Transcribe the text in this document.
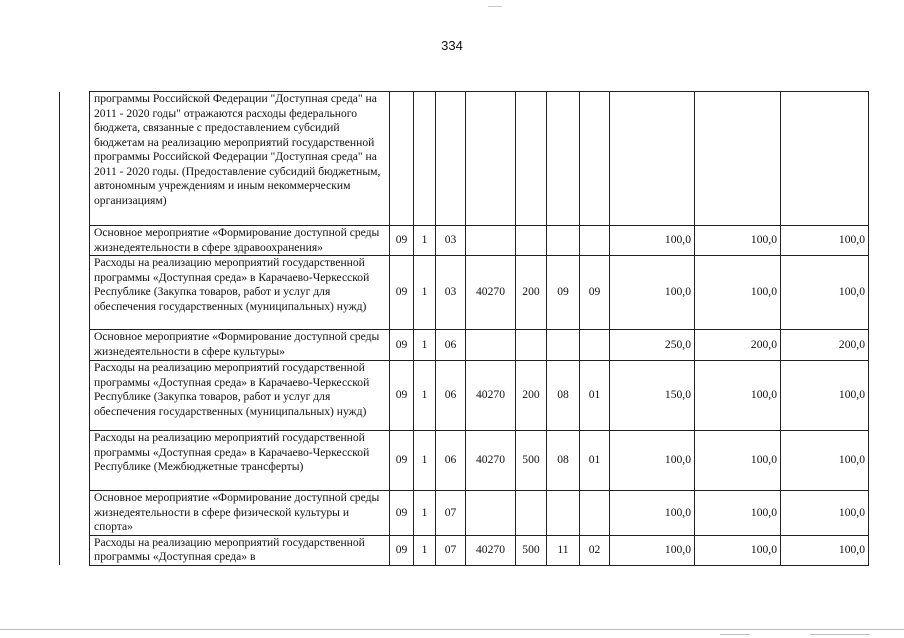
334

	программы Российской Федерации "Доступная среда" на 2011 - 2020 годы" отражаются расходы федерального бюджета, связанные с предоставлением субсидий бюджетам на реализацию мероприятий государственной программы Российской Федерации "Доступная среда" на 2011 - 2020 годы. (Предоставление субсидий бюджетным, автономным учреждениям и иным некоммерческим организациям)										

	Основное мероприятие «Формирование доступной среды жизнедеятельности в сфере здравоохранения»	09	1	03					100,0	100,0	100,0

	Расходы на реализацию мероприятий государственной программы «Доступная среда» в Карачаево-Черкесской Республике (Закупка товаров, работ и услуг для обеспечения государственных (муниципальных) нужд)	09	1	03	40270	200	09	09	100,0	100,0	100,0

	Основное мероприятие «Формирование доступной среды жизнедеятельности в сфере культуры»	09	1	06					250,0	200,0	200,0

	Расходы на реализацию мероприятий государственной программы «Доступная среда» в Карачаево-Черкесской Республике (Закупка товаров, работ и услуг для обеспечения государственных (муниципальных) нужд)	09	1	06	40270	200	08	01	150,0	100,0	100,0

	Расходы на реализацию мероприятий государственной программы «Доступная среда» в Карачаево-Черкесской Республике (Межбюджетные трансферты)	09	1	06	40270	500	08	01	100,0	100,0	100,0

	Основное мероприятие «Формирование доступной среды жизнедеятельности в сфере физической культуры и спорта»	09	1	07					100,0	100,0	100,0

	Расходы на реализацию мероприятий государственной программы «Доступная среда» в	09	1	07	40270	500	11	02	100,0	100,0	100,0
